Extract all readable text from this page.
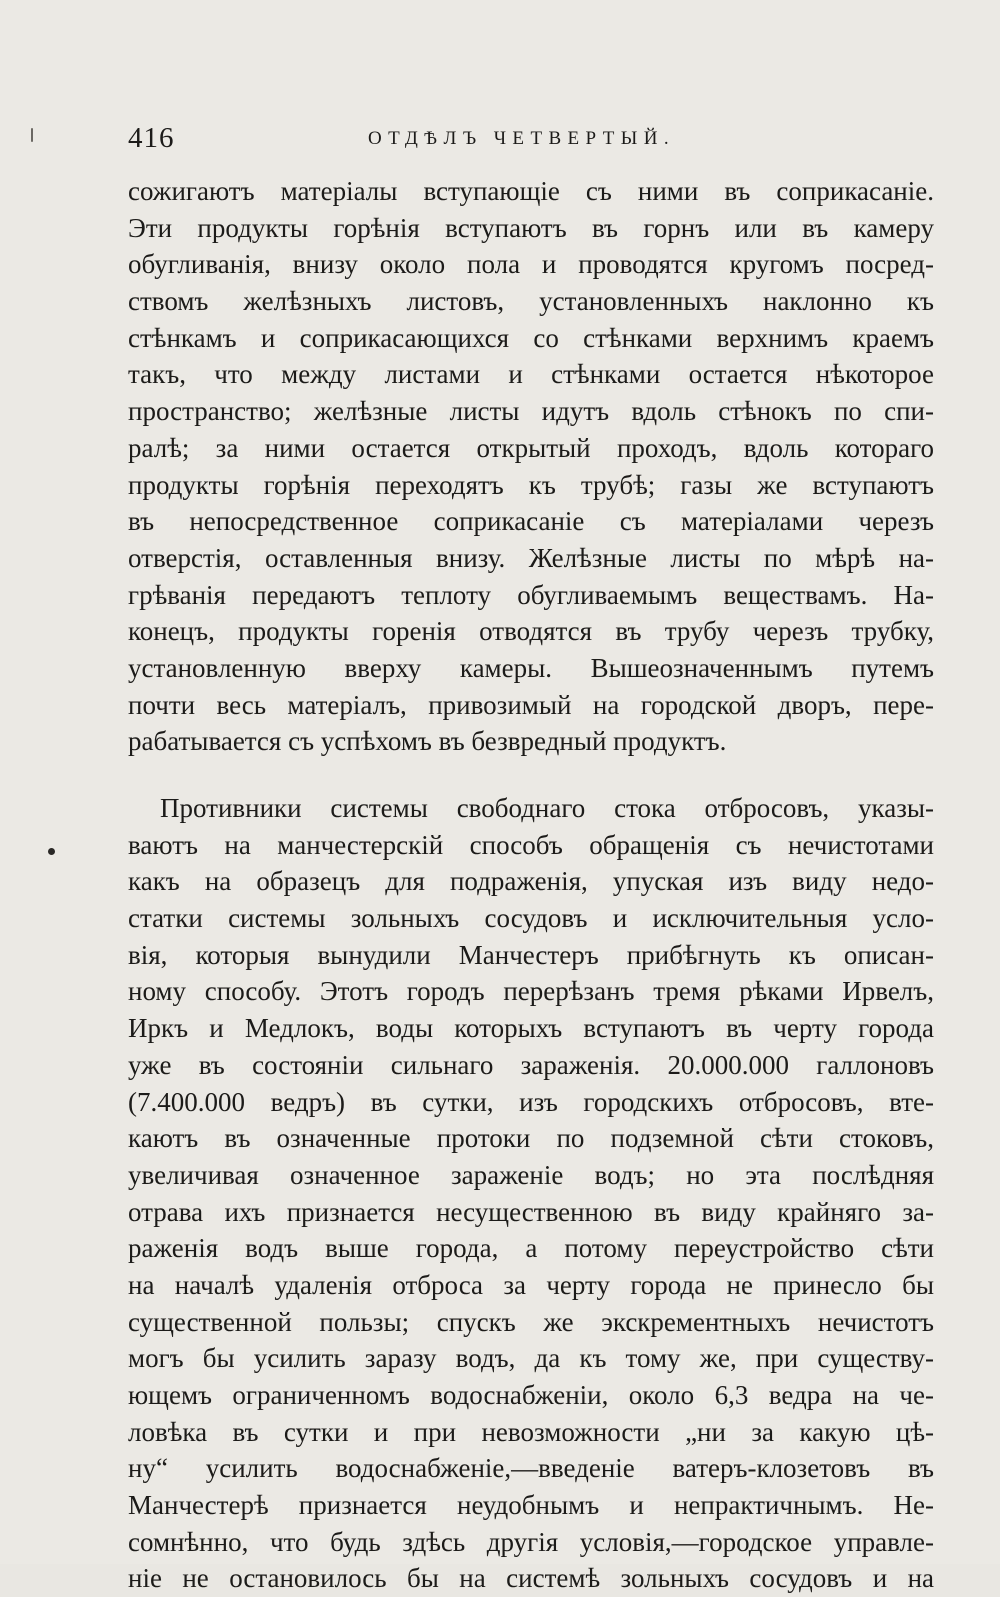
416	ОТДѢЛЪ ЧЕТВЕРТЫЙ.
сожигаютъ матеріалы вступающіе съ ними въ соприкасаніе.
Эти продукты горѣнія вступаютъ въ горнъ или въ камеру
обугливанія, внизу около пола и проводятся кругомъ посред-
ствомъ желѣзныхъ листовъ, установленныхъ наклонно къ
стѣнкамъ и соприкасающихся со стѣнками верхнимъ краемъ
такъ, что между листами и стѣнками остается нѣкоторое
пространство; желѣзные листы идутъ вдоль стѣнокъ по спи-
ралѣ; за ними остается открытый проходъ, вдоль котораго
продукты горѣнія переходятъ къ трубѣ; газы же вступаютъ
въ непосредственное соприкасаніе съ матеріалами черезъ
отверстія, оставленныя внизу. Желѣзные листы по мѣрѣ на-
грѣванія передаютъ теплоту обугливаемымъ веществамъ. На-
конецъ, продукты горенія отводятся въ трубу черезъ трубку,
установленную вверху камеры. Вышеозначеннымъ путемъ
почти весь матеріалъ, привозимый на городской дворъ, пере-
рабатывается съ успѣхомъ въ безвредный продуктъ.
Противники системы свободнаго стока отбросовъ, указы-
ваютъ на манчестерскій способъ обращенія съ нечистотами
какъ на образецъ для подраженія, упуская изъ виду недо-
статки системы зольныхъ сосудовъ и исключительныя усло-
вія, которыя вынудили Манчестеръ прибѣгнуть къ описан-
ному способу. Этотъ городъ перерѣзанъ тремя рѣками Ирвелъ,
Иркъ и Медлокъ, воды которыхъ вступаютъ въ черту города
уже въ состояніи сильнаго зараженія. 20.000.000 галлоновъ
(7.400.000 ведръ) въ сутки, изъ городскихъ отбросовъ, вте-
каютъ въ означенные протоки по подземной сѣти стоковъ,
увеличивая означенное зараженіе водъ; но эта послѣдняя
отрава ихъ признается несущественною въ виду крайняго за-
раженія водъ выше города, а потому переустройство сѣти
на началѣ удаленія отброса за черту города не принесло бы
существенной пользы; спускъ же экскрементныхъ нечистотъ
могъ бы усилить заразу водъ, да къ тому же, при существу-
ющемъ ограниченномъ водоснабженіи, около 6,3 ведра на че-
ловѣка въ сутки и при невозможности „ни за какую цѣ-
ну“ усилить водоснабженіе,—введеніе ватеръ-клозетовъ въ
Манчестерѣ признается неудобнымъ и непрактичнымъ. Не-
сомнѣнно, что будь здѣсь другія условія,—городское управле-
ніе не остановилось бы на системѣ зольныхъ сосудовъ и на
